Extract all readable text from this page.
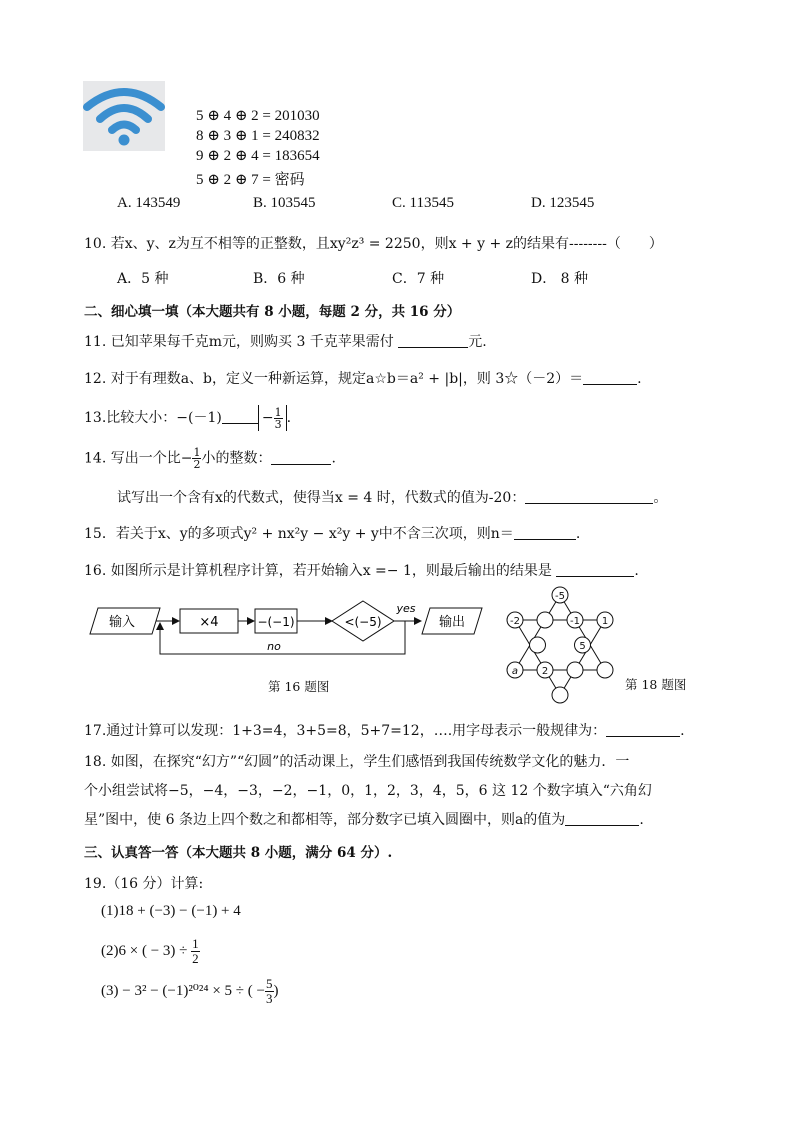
5 ⊕ 4 ⊕ 2 = 201030
8 ⊕ 3 ⊕ 1 = 240832
9 ⊕ 2 ⊕ 4 = 183654
5 ⊕ 2 ⊕ 7 = 密码
A. 143549	B. 103545	C. 113545	D. 123545
10. 若x、y、z为互不相等的正整数，且xy²z³ = 2250，则x + y + z的结果有--------（　　）
A．5 种	B．6 种	C．7 种	D． 8 种
二、细心填一填（本大题共有 8 小题，每题 2 分，共 16 分）
11. 已知苹果每千克m元，则购买 3 千克苹果需付	元.
12. 对于有理数a、b，定义一种新运算，规定a☆b＝a² + |b|，则 3☆（－2）＝	.
13.比较大小：−(－1)	− $\frac{1}{3}$ .
14. 写出一个比− $\frac{1}{2}$ 小的整数：	.
试写出一个含有x的代数式，使得当x = 4 时，代数式的值为-20：	。
15．若关于x、y的多项式y² + nx²y − x²y + y中不含三次项，则n＝	.
16. 如图所示是计算机程序计算，若开始输入x =− 1，则最后输出的结果是	.
输入	×4	−(−1)	<(−5)
yes
输出
no
第 16 题图
-5
-2	-1 1
5
a 2
第 18 题图
17.通过计算可以发现：1+3=4，3+5=8，5+7=12，….用字母表示一般规律为：	.
18. 如图，在探究“幻方”“幻圆”的活动课上，学生们感悟到我国传统数学文化的魅力．一
个小组尝试将−5，−4，−3，−2，−1，0，1，2，3，4，5，6 这 12 个数字填入“六角幻
星”图中，使 6 条边上四个数之和都相等，部分数字已填入圆圈中，则a的值为	.
三、认真答一答（本大题共 8 小题，满分 64 分）.
19.（16 分）计算:
(1)18 + (−3) − (−1) + 4
(2)6 × ( − $3) \div \frac{1}{2}$
(3) − 3² − (−1)²⁰²⁴ × 5 ÷ ( − $\frac{5}{3}$ )
